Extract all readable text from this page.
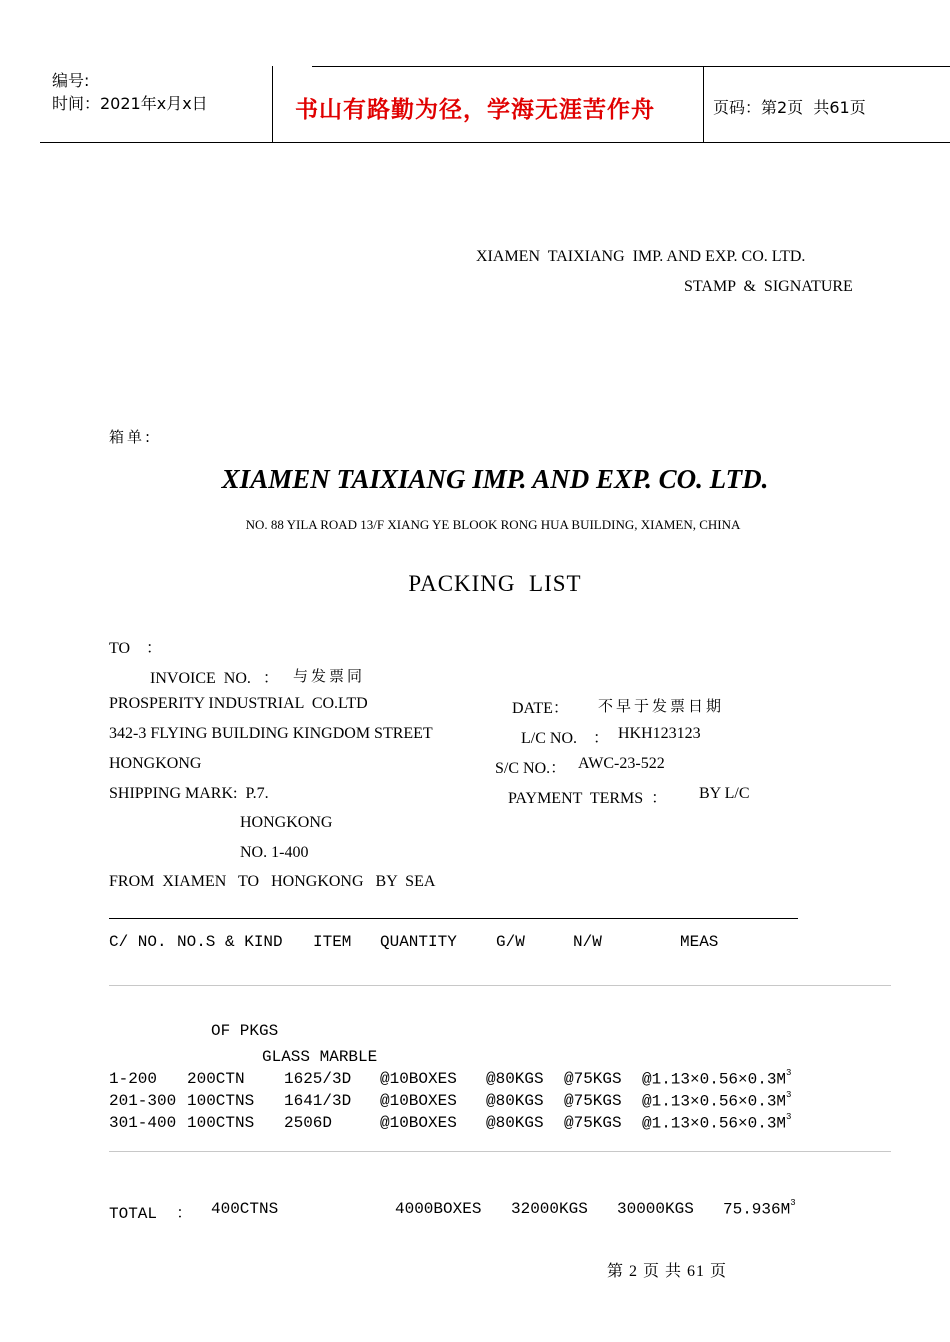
编号:
时间：2021年x月x日	书山有路勤为径，学海无涯苦作舟	页码：第2页  共61页
XIAMEN  TAIXIANG  IMP. AND EXP. CO. LTD.
STAMP  &  SIGNATURE
箱单:
XIAMEN TAIXIANG IMP. AND EXP. CO. LTD.
NO. 88 YILA ROAD 13/F XIANG YE BLOOK RONG HUA BUILDING, XIAMEN, CHINA
PACKING  LIST
TO    ：
INVOICE  NO.   ： 与发票同
PROSPERITY INDUSTRIAL  CO.LTD	DATE： 不早于发票日期
342-3 FLYING BUILDING KINGDOM STREET	L/C NO.    ： HKH123123
HONGKONG	S/C NO.： AWC-23-522
SHIPPING MARK:  P.7.	PAYMENT  TERMS  ： BY L/C
HONGKONG
NO. 1-400
FROM  XIAMEN   TO   HONGKONG   BY  SEA
C/ NO. NO.S & KIND ITEM QUANTITY G/W	N/W	MEAS
OF PKGS
GLASS MARBLE
1-200 200CTN 1625/3D @10BOXES @80KGS @75KGS $@1.13\times 0.56\times 0.3M^3$
201-300 100CTNS 1641/3D @10BOXES @80KGS @75KGS $@1.13\times 0.56\times 0.3M^3$
301-400 100CTNS 2506D	@10BOXES @80KGS @75KGS $@1.13\times 0.56\times 0.3M^3$
TOTAL  ： 400CTNS	4000BOXES 32000KGS 30000KGS $75.936M^3$
第 2 页 共 61 页
